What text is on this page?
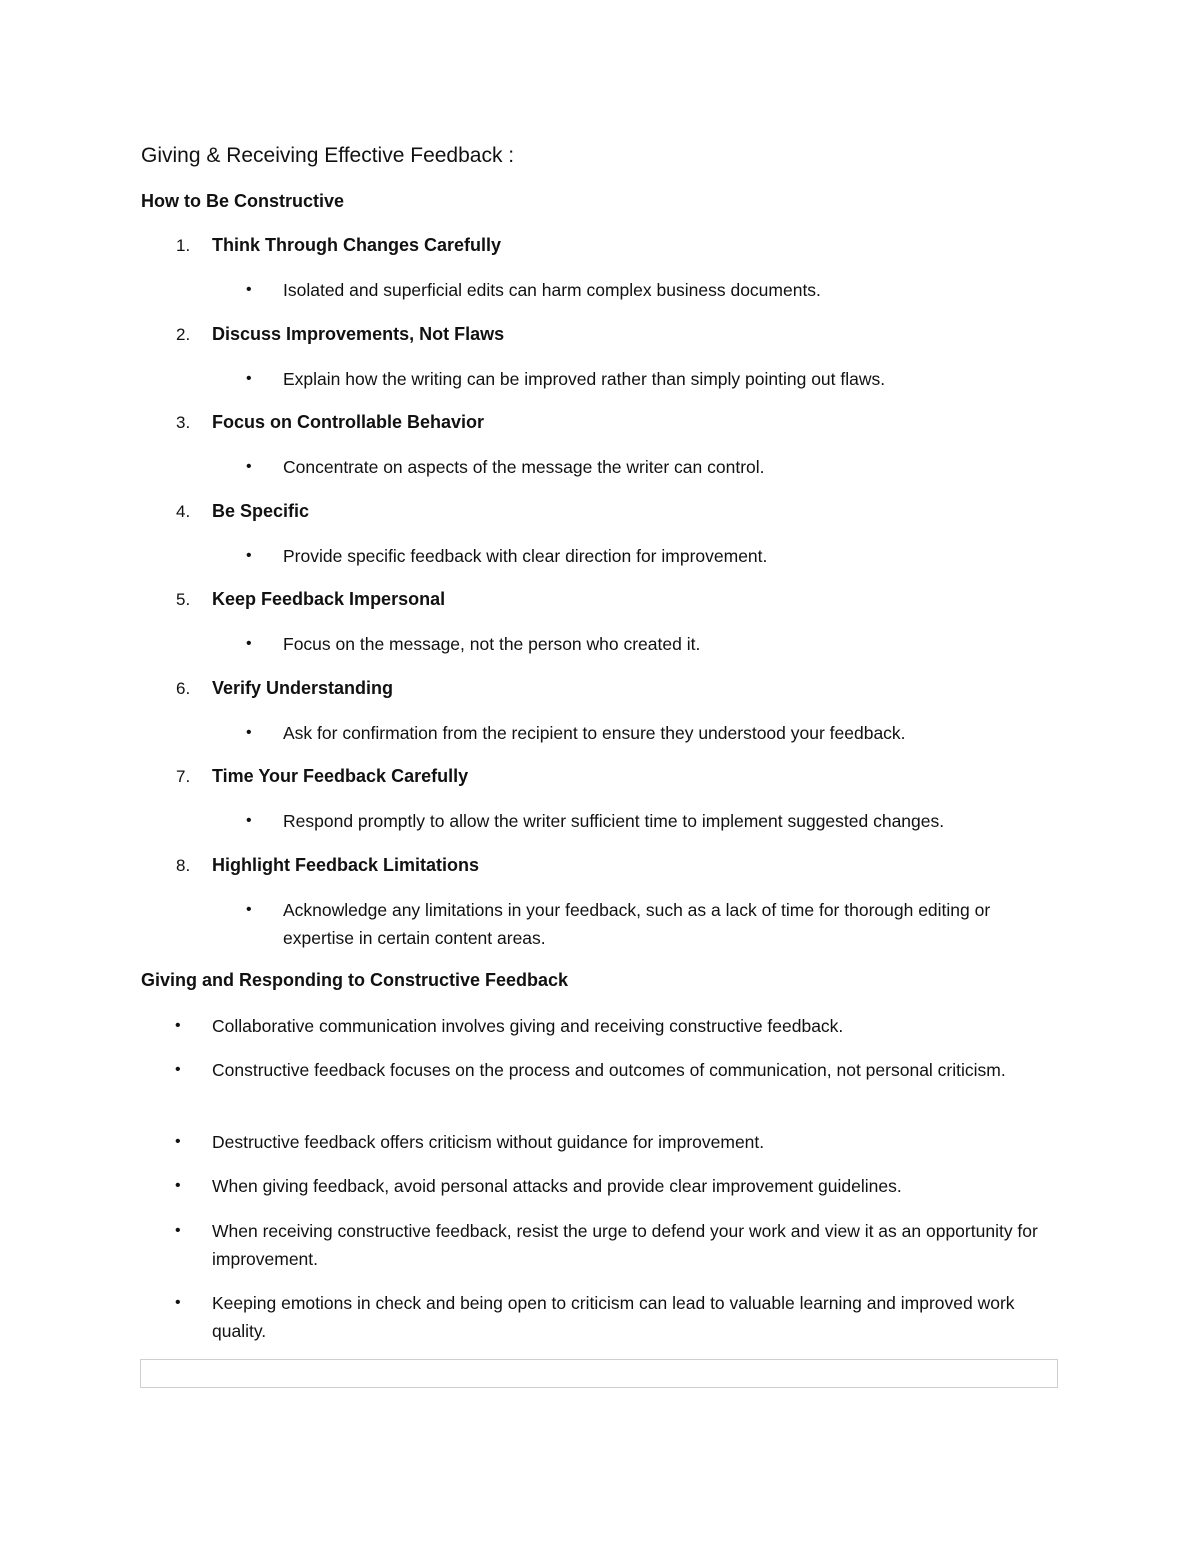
Giving & Receiving Effective Feedback :
How to Be Constructive
1. Think Through Changes Carefully
• Isolated and superficial edits can harm complex business documents.
2. Discuss Improvements, Not Flaws
• Explain how the writing can be improved rather than simply pointing out flaws.
3. Focus on Controllable Behavior
• Concentrate on aspects of the message the writer can control.
4. Be Specific
• Provide specific feedback with clear direction for improvement.
5. Keep Feedback Impersonal
• Focus on the message, not the person who created it.
6. Verify Understanding
• Ask for confirmation from the recipient to ensure they understood your feedback.
7. Time Your Feedback Carefully
• Respond promptly to allow the writer sufficient time to implement suggested changes.
8. Highlight Feedback Limitations
• Acknowledge any limitations in your feedback, such as a lack of time for thorough editing or expertise in certain content areas.
Giving and Responding to Constructive Feedback
• Collaborative communication involves giving and receiving constructive feedback.
• Constructive feedback focuses on the process and outcomes of communication, not personal criticism.
• Destructive feedback offers criticism without guidance for improvement.
• When giving feedback, avoid personal attacks and provide clear improvement guidelines.
• When receiving constructive feedback, resist the urge to defend your work and view it as an opportunity for improvement.
• Keeping emotions in check and being open to criticism can lead to valuable learning and improved work quality.
